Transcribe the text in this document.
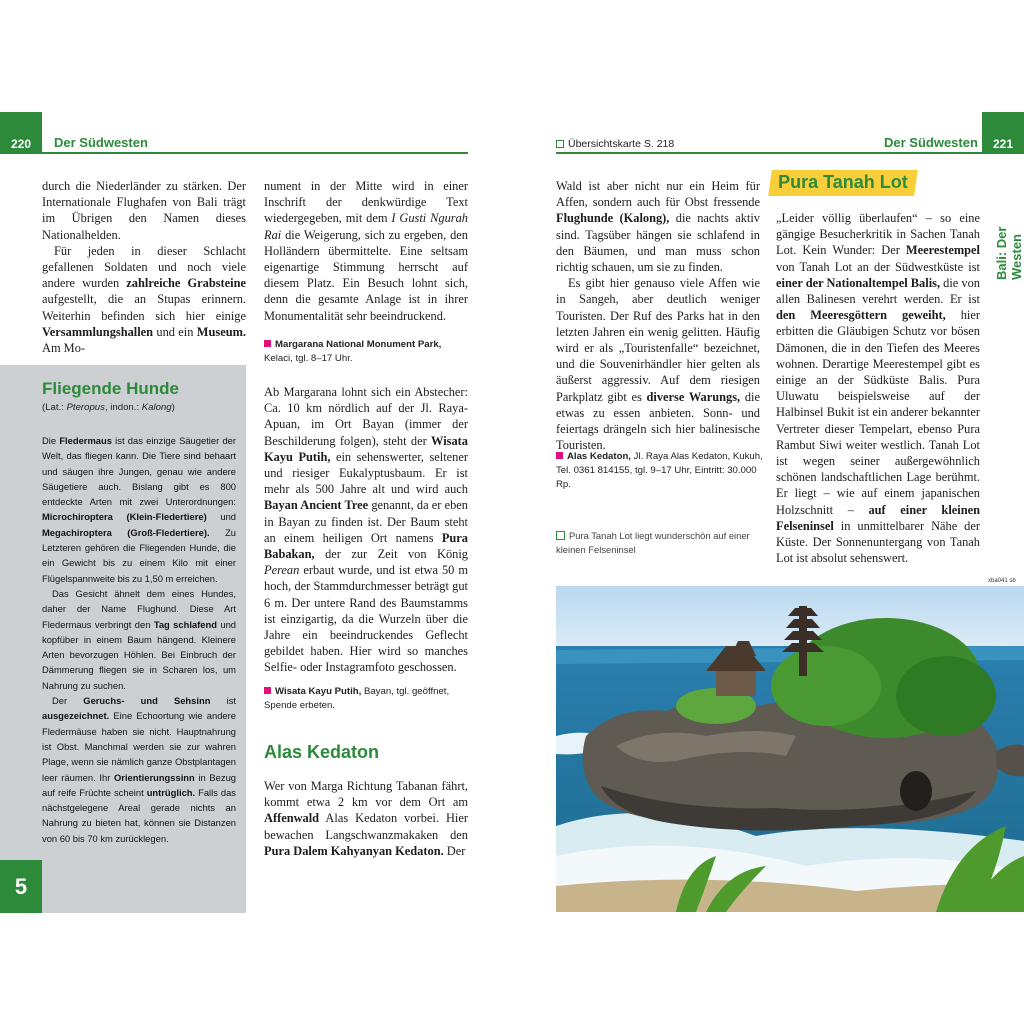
220 Der Südwesten

durch die Niederländer zu stärken. Der Internationale Flughafen von Bali trägt im Übrigen den Namen dieses Nationalhelden.

Für jeden in dieser Schlacht gefallenen Soldaten und noch viele andere wurden zahlreiche Grabsteine aufgestellt, die an Stupas erinnern. Weiterhin befinden sich hier einige Versammlungshallen und ein Museum. Am Mo-

Fliegende Hunde
(Lat.: Pteropus, indon.: Kalong)

Die Fledermaus ist das einzige Säugetier der Welt, das fliegen kann. Die Tiere sind behaart und säugen ihre Jungen, genau wie andere Säugetiere auch. Bislang gibt es 800 entdeckte Arten mit zwei Unterordnungen: Microchiroptera (Klein-Fledertiere) und Megachiroptera (Groß-Fledertiere). Zu Letzteren gehören die Fliegenden Hunde, die ein Gewicht bis zu einem Kilo mit einer Flügelspannweite bis zu 1,50 m erreichen.

Das Gesicht ähnelt dem eines Hundes, daher der Name Flughund. Diese Art Fledermaus verbringt den Tag schlafend und kopfüber in einem Baum hängend. Kleinere Arten bevorzugen Höhlen. Bei Einbruch der Dämmerung fliegen sie in Scharen los, um Nahrung zu suchen.

Der Geruchs- und Sehsinn ist ausgezeichnet. Eine Echoortung wie andere Fledermäuse haben sie nicht. Hauptnahrung ist Obst. Manchmal werden sie zur wahren Plage, wenn sie nämlich ganze Obstplantagen leer räumen. Ihr Orientierungssinn in Bezug auf reife Früchte scheint untrüglich. Falls das nächstgelegene Areal gerade nichts an Nahrung zu bieten hat, können sie Distanzen von 60 bis 70 km zurücklegen.

5

nument in der Mitte wird in einer Inschrift der denkwürdige Text wiedergegeben, mit dem I Gusti Ngurah Rai die Weigerung, sich zu ergeben, den Holländern übermittelte. Eine seltsam eigenartige Stimmung herrscht auf diesem Platz. Ein Besuch lohnt sich, denn die gesamte Anlage ist in ihrer Monumentalität sehr beeindruckend.

Margarana National Monument Park, Kelaci, tgl. 8–17 Uhr.

Ab Margarana lohnt sich ein Abstecher: Ca. 10 km nördlich auf der Jl. Raya-Apuan, im Ort Bayan (immer der Beschilderung folgen), steht der Wisata Kayu Putih, ein sehenswerter, seltener und riesiger Eukalyptusbaum. Er ist mehr als 500 Jahre alt und wird auch Bayan Ancient Tree genannt, da er eben in Bayan zu finden ist. Der Baum steht an einem heiligen Ort namens Pura Babakan, der zur Zeit von König Perean erbaut wurde, und ist etwa 50 m hoch, der Stammdurchmesser beträgt gut 6 m. Der untere Rand des Baumstamms ist einzigartig, da die Wurzeln über die Jahre ein beeindruckendes Geflecht gebildet haben. Hier wird so manches Selfie- oder Instagramfoto geschossen.

Wisata Kayu Putih, Bayan, tgl. geöffnet, Spende erbeten.
Alas Kedaton

Wer von Marga Richtung Tabanan fährt, kommt etwa 2 km vor dem Ort am Affenwald Alas Kedaton vorbei. Hier bewachen Langschwanzmakaken den Pura Dalem Kahyanyan Kedaton. Der

Übersichtskarte S. 218	Der Südwesten 221
Bali: Der Westen

Wald ist aber nicht nur ein Heim für Affen, sondern auch für Obst fressende Flughunde (Kalong), die nachts aktiv sind. Tagsüber hängen sie schlafend in den Bäumen, und man muss schon richtig schauen, um sie zu finden.

Es gibt hier genauso viele Affen wie in Sangeh, aber deutlich weniger Touristen. Der Ruf des Parks hat in den letzten Jahren ein wenig gelitten. Häufig wird er als „Touristenfalle“ bezeichnet, und die Souvenirhändler hier gelten als äußerst aggressiv. Auf dem riesigen Parkplatz gibt es diverse Warungs, die etwas zu essen anbieten. Sonn- und feiertags drängeln sich hier balinesische Touristen.

Alas Kedaton, Jl. Raya Alas Kedaton, Kukuh, Tel. 0361 814155, tgl. 9–17 Uhr, Eintritt: 30.000 Rp.
Pura Tanah Lot liegt wunderschön auf einer kleinen Felseninsel
Pura Tanah Lot

„Leider völlig überlaufen“ – so eine gängige Besucherkritik in Sachen Tanah Lot. Kein Wunder: Der Meerestempel von Tanah Lot an der Südwestküste ist einer der Nationaltempel Balis, die von allen Balinesen verehrt werden. Er ist den Meeresgöttern geweiht, hier erbitten die Gläubigen Schutz vor bösen Dämonen, die in den Tiefen des Meeres wohnen. Derartige Meerestempel gibt es einige an der Südküste Balis. Pura Uluwatu beispielsweise auf der Halbinsel Bukit ist ein anderer bekannter Vertreter dieser Tempelart, ebenso Pura Rambut Siwi weiter westlich. Tanah Lot ist wegen seiner außergewöhnlich schönen landschaftlichen Lage berühmt. Er liegt – wie auf einem japanischen Holzschnitt – auf einer kleinen Felseninsel in unmittelbarer Nähe der Küste. Der Sonnenuntergang von Tanah Lot ist absolut sehenswert.

xba041 sb
